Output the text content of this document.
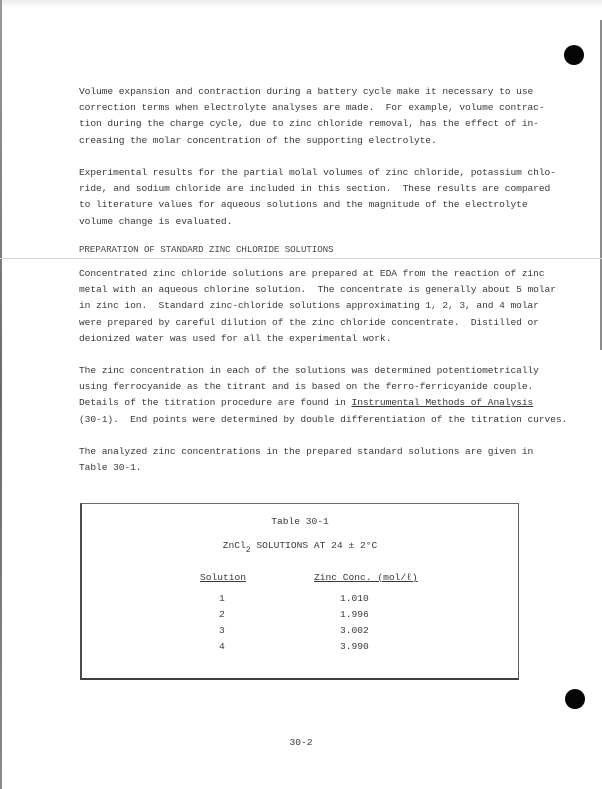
Volume expansion and contraction during a battery cycle make it necessary to use
correction terms when electrolyte analyses are made.  For example, volume contrac-
tion during the charge cycle, due to zinc chloride removal, has the effect of in-
creasing the molar concentration of the supporting electrolyte.
Experimental results for the partial molal volumes of zinc chloride, potassium chlo-
ride, and sodium chloride are included in this section.  These results are compared
to literature values for aqueous solutions and the magnitude of the electrolyte
volume change is evaluated.
PREPARATION OF STANDARD ZINC CHLORIDE SOLUTIONS
Concentrated zinc chloride solutions are prepared at EDA from the reaction of zinc
metal with an aqueous chlorine solution.  The concentrate is generally about 5 molar
in zinc ion.  Standard zinc-chloride solutions approximating 1, 2, 3, and 4 molar
were prepared by careful dilution of the zinc chloride concentrate.  Distilled or
deionized water was used for all the experimental work.
The zinc concentration in each of the solutions was determined potentiometrically
using ferrocyanide as the titrant and is based on the ferro-ferricyanide couple.
Details of the titration procedure are found in Instrumental Methods of Analysis
(30-1).  End points were determined by double differentiation of the titration curves.
The analyzed zinc concentrations in the prepared standard solutions are given in
Table 30-1.
Table 30-1
ZnCl$_2$ SOLUTIONS AT 24 ± 2°C
Solution	Zinc Conc. (mol/ℓ)
1	1.010
2	1.996
3	3.002
4	3.990
30-2
